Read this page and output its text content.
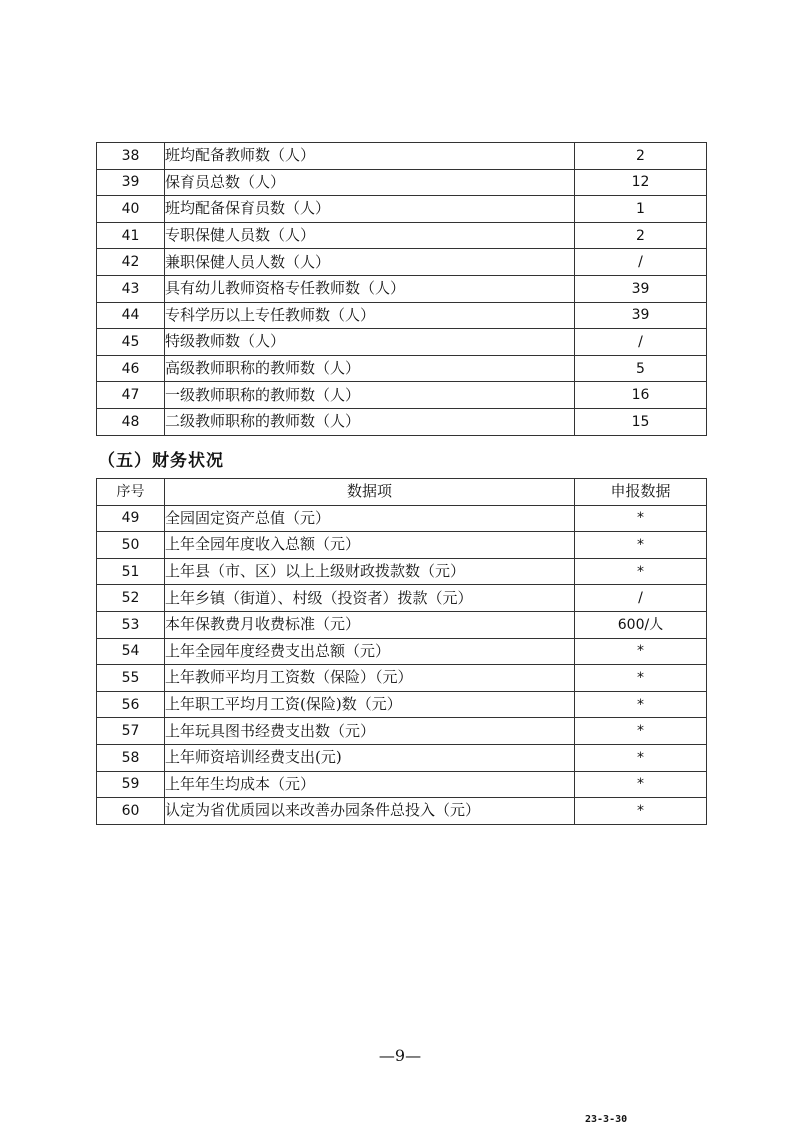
38	班均配备教师数（人）	2
39	保育员总数（人）	12
40	班均配备保育员数（人）	1
41	专职保健人员数（人）	2
42	兼职保健人员人数（人）	/
43	具有幼儿教师资格专任教师数（人）	39
44	专科学历以上专任教师数（人）	39
45	特级教师数（人）	/
46	高级教师职称的教师数（人）	5
47	一级教师职称的教师数（人）	16
48	二级教师职称的教师数（人）	15
（五）财务状况
序号	数据项	申报数据
49	全园固定资产总值（元）	*
50	上年全园年度收入总额（元）	*
51	上年县（市、区）以上上级财政拨款数（元）	*
52	上年乡镇（街道）、村级（投资者）拨款（元）	/
53	本年保教费月收费标准（元）	600/人
54	上年全园年度经费支出总额（元）	*
55	上年教师平均月工资数（保险）（元）	*
56	上年职工平均月工资(保险)数（元）	*
57	上年玩具图书经费支出数（元）	*
58	上年师资培训经费支出(元)	*
59	上年年生均成本（元）	*
60	认定为省优质园以来改善办园条件总投入（元）	*
—9—
23-3-30
